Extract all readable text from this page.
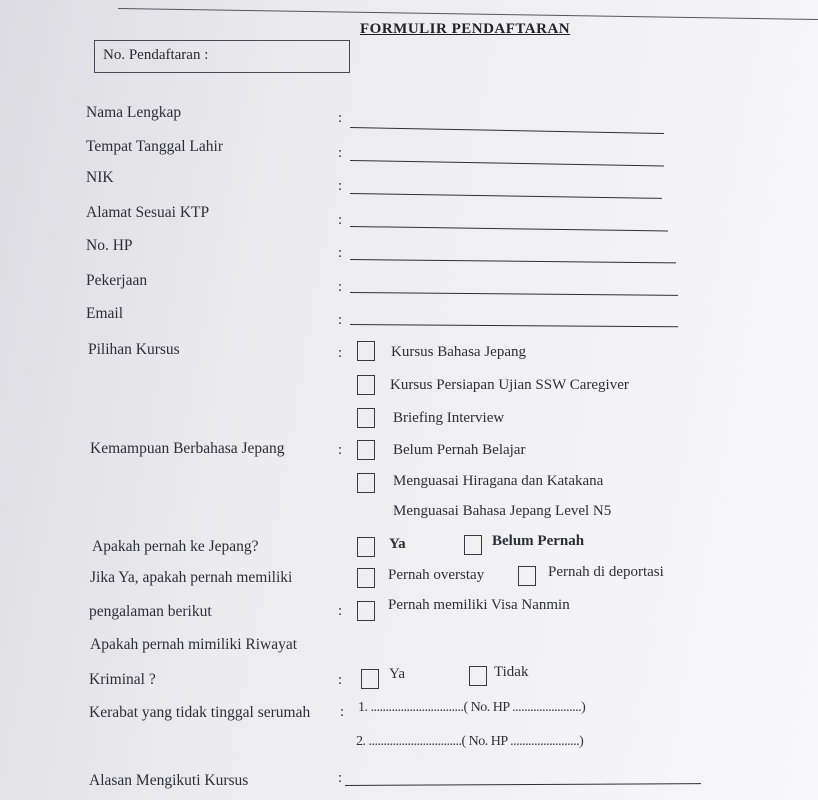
FORMULIR PENDAFTARAN
No. Pendaftaran :
Nama Lengkap	:
Tempat Tanggal Lahir	:
NIK	:
Alamat Sesuai KTP	:
No. HP	:
Pekerjaan	:
Email	:
Pilihan Kursus	:	Kursus Bahasa Jepang
Kursus Persiapan Ujian SSW Caregiver
Briefing Interview
Kemampuan Berbahasa Jepang	:	Belum Pernah Belajar
Menguasai Hiragana dan Katakana
Menguasai Bahasa Jepang Level N5
Apakah pernah ke Jepang?	Ya	Belum Pernah
Jika Ya, apakah pernah memiliki	Pernah overstay	Pernah di deportasi
pengalaman berikut	:	Pernah memiliki Visa Nanmin
Apakah pernah mimiliki Riwayat
Kriminal ?	:	Ya	Tidak
Kerabat yang tidak tinggal serumah : 1. ...............................( No. HP .......................)
2. ...............................( No. HP .......................)
Alasan Mengikuti Kursus	:
